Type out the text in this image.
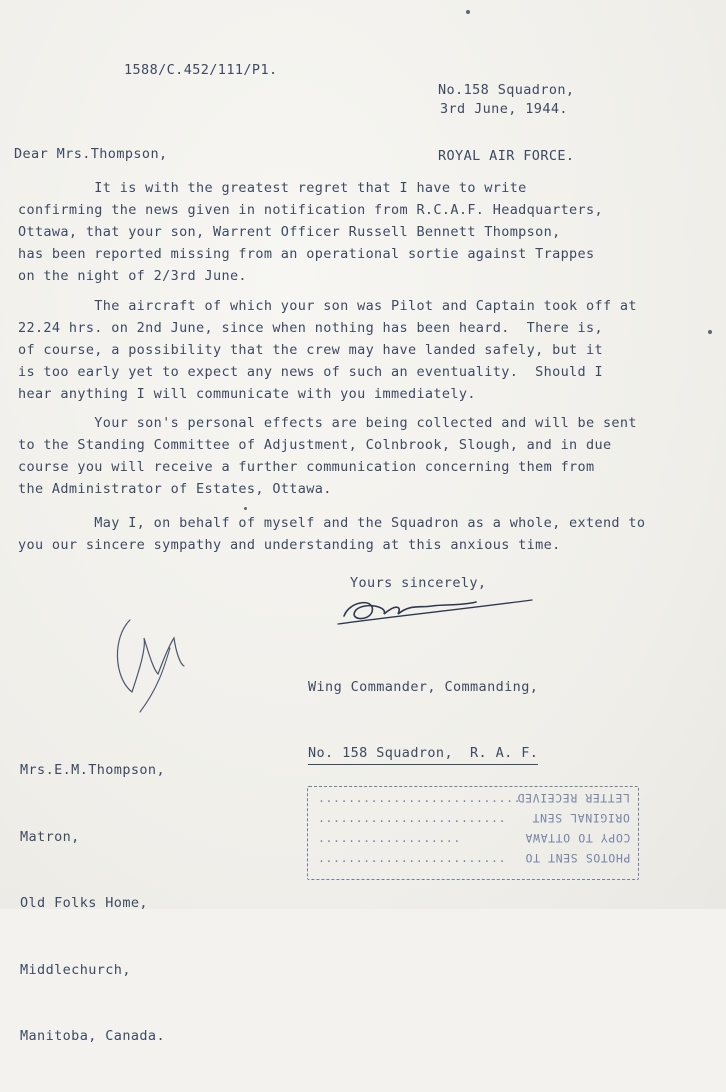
1588/C.452/111/P1.

No.158 Squadron,

ROYAL AIR FORCE.

3rd June, 1944.
Dear Mrs.Thompson,
It is with the greatest regret that I have to write
confirming the news given in notification from R.C.A.F. Headquarters,
Ottawa, that your son, Warrent Officer Russell Bennett Thompson,
has been reported missing from an operational sortie against Trappes
on the night of 2/3rd June.
The aircraft of which your son was Pilot and Captain took off at
22.24 hrs. on 2nd June, since when nothing has been heard.  There is,
of course, a possibility that the crew may have landed safely, but it
is too early yet to expect any news of such an eventuality.  Should I
hear anything I will communicate with you immediately.
Your son's personal effects are being collected and will be sent
to the Standing Committee of Adjustment, Colnbrook, Slough, and in due
course you will receive a further communication concerning them from
the Administrator of Estates, Ottawa.
May I, on behalf of myself and the Squadron as a whole, extend to
you our sincere sympathy and understanding at this anxious time.
Yours sincerely,

Wing Commander, Commanding,

No. 158 Squadron,  R. A. F.

Mrs.E.M.Thompson,

Matron,

Old Folks Home,

Middlechurch,

Manitoba, Canada.

...........................
LETTER RECEIVED
......................... ORIGINAL SENT
...................	COPY TO OTTAWA
......................... PHOTOS SENT TO
